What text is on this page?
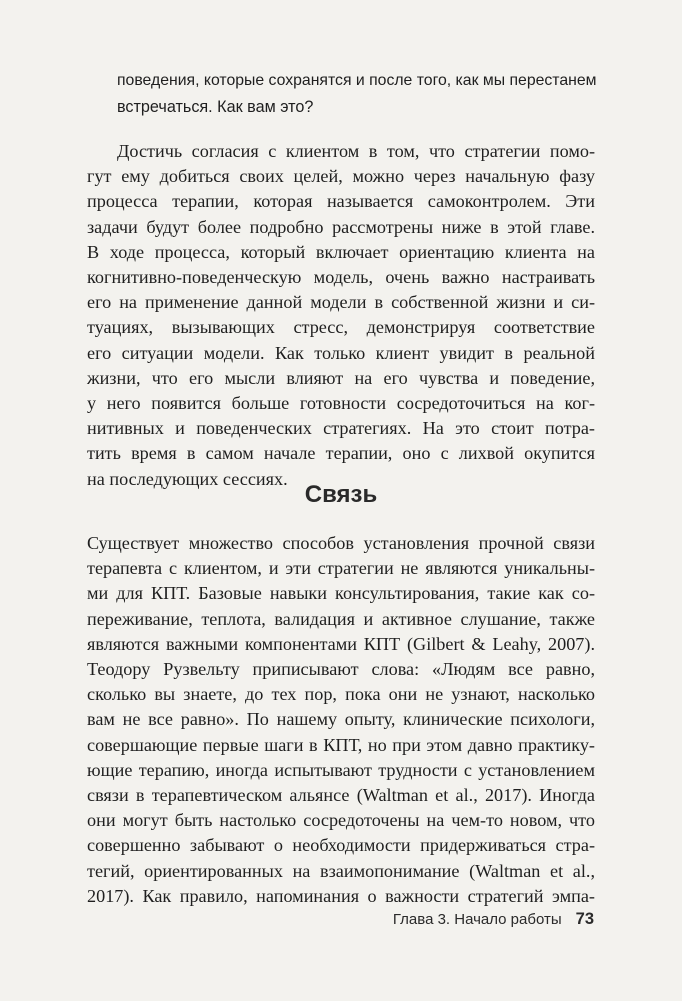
поведения, которые сохранятся и после того, как мы перестанем
встречаться. Как вам это?
Достичь согласия с клиентом в том, что стратегии помо-
гут ему добиться своих целей, можно через начальную фазу
процесса терапии, которая называется самоконтролем. Эти
задачи будут более подробно рассмотрены ниже в этой главе.
В ходе процесса, который включает ориентацию клиента на
когнитивно-поведенческую модель, очень важно настраивать
его на применение данной модели в собственной жизни и си-
туациях, вызывающих стресс, демонстрируя соответствие
его ситуации модели. Как только клиент увидит в реальной
жизни, что его мысли влияют на его чувства и поведение,
у него появится больше готовности сосредоточиться на ког-
нитивных и поведенческих стратегиях. На это стоит потра-
тить время в самом начале терапии, оно с лихвой окупится
на последующих сессиях.
Связь
Существует множество способов установления прочной связи
терапевта с клиентом, и эти стратегии не являются уникальны-
ми для КПТ. Базовые навыки консультирования, такие как со-
переживание, теплота, валидация и активное слушание, также
являются важными компонентами КПТ (Gilbert & Leahy, 2007).
Теодору Рузвельту приписывают слова: «Людям все равно,
сколько вы знаете, до тех пор, пока они не узнают, насколько
вам не все равно». По нашему опыту, клинические психологи,
совершающие первые шаги в КПТ, но при этом давно практику-
ющие терапию, иногда испытывают трудности с установлением
связи в терапевтическом альянсе (Waltman et al., 2017). Иногда
они могут быть настолько сосредоточены на чем-то новом, что
совершенно забывают о необходимости придерживаться стра-
тегий, ориентированных на взаимопонимание (Waltman et al.,
2017). Как правило, напоминания о важности стратегий эмпа-
Глава 3. Начало работы 73
